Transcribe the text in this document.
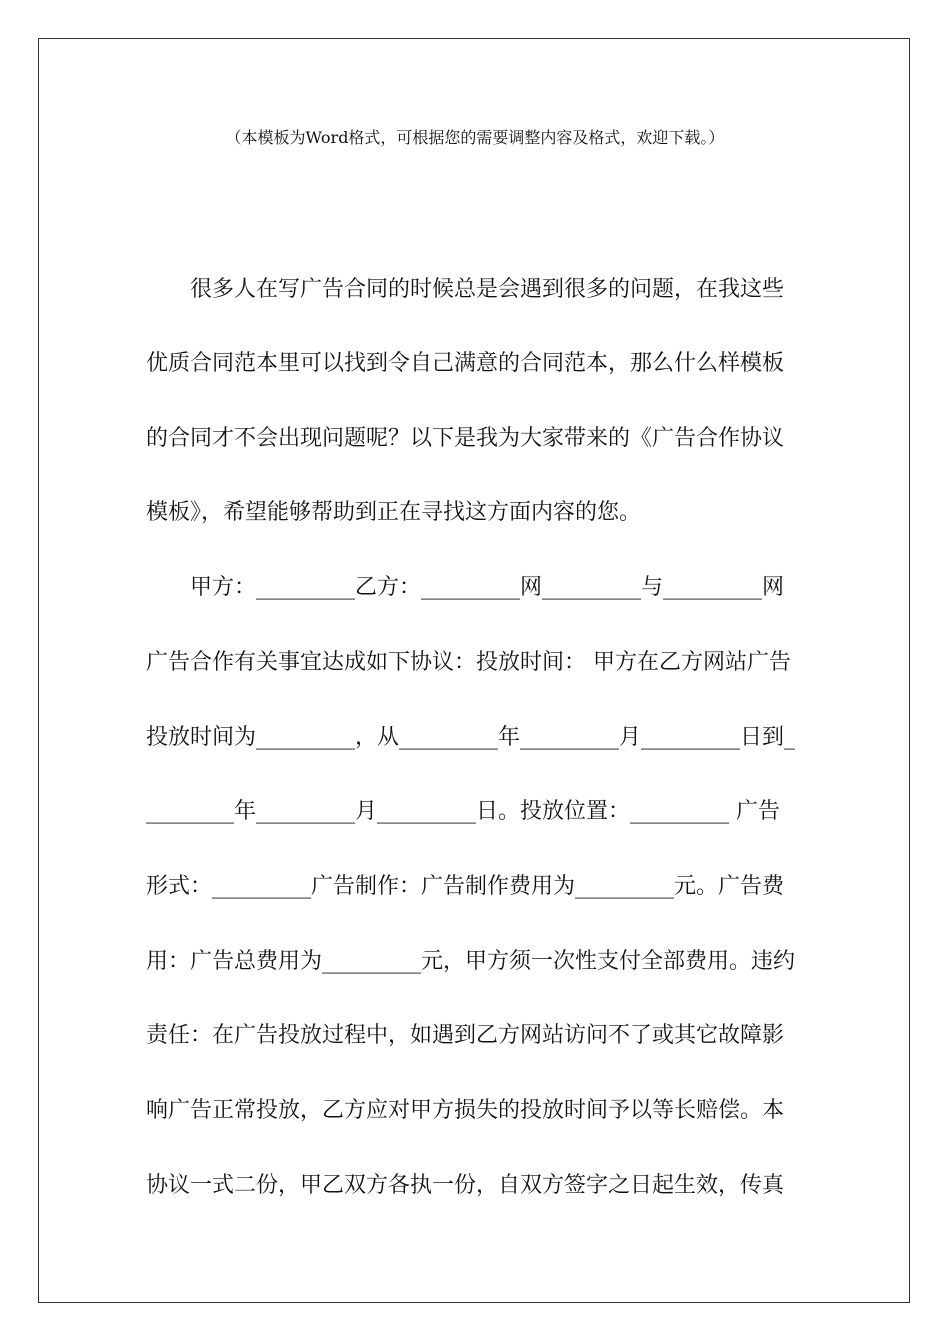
（本模板为Word格式，可根据您的需要调整内容及格式，欢迎下载。）
很多人在写广告合同的时候总是会遇到很多的问题，在我这些
优质合同范本里可以找到令自己满意的合同范本，那么什么样模板
的合同才不会出现问题呢？以下是我为大家带来的《广告合作协议
模板》，希望能够帮助到正在寻找这方面内容的您。
甲方：_________乙方：_________网_________与_________网
广告合作有关事宜达成如下协议：投放时间： 甲方在乙方网站广告
投放时间为_________，从_________年_________月_________日到_
________年_________月_________日。投放位置：_________ 广告
形式：_________广告制作：广告制作费用为_________元。广告费
用：广告总费用为_________元，甲方须一次性支付全部费用。违约
责任：在广告投放过程中，如遇到乙方网站访问不了或其它故障影
响广告正常投放，乙方应对甲方损失的投放时间予以等长赔偿。本
协议一式二份，甲乙双方各执一份，自双方签字之日起生效，传真
